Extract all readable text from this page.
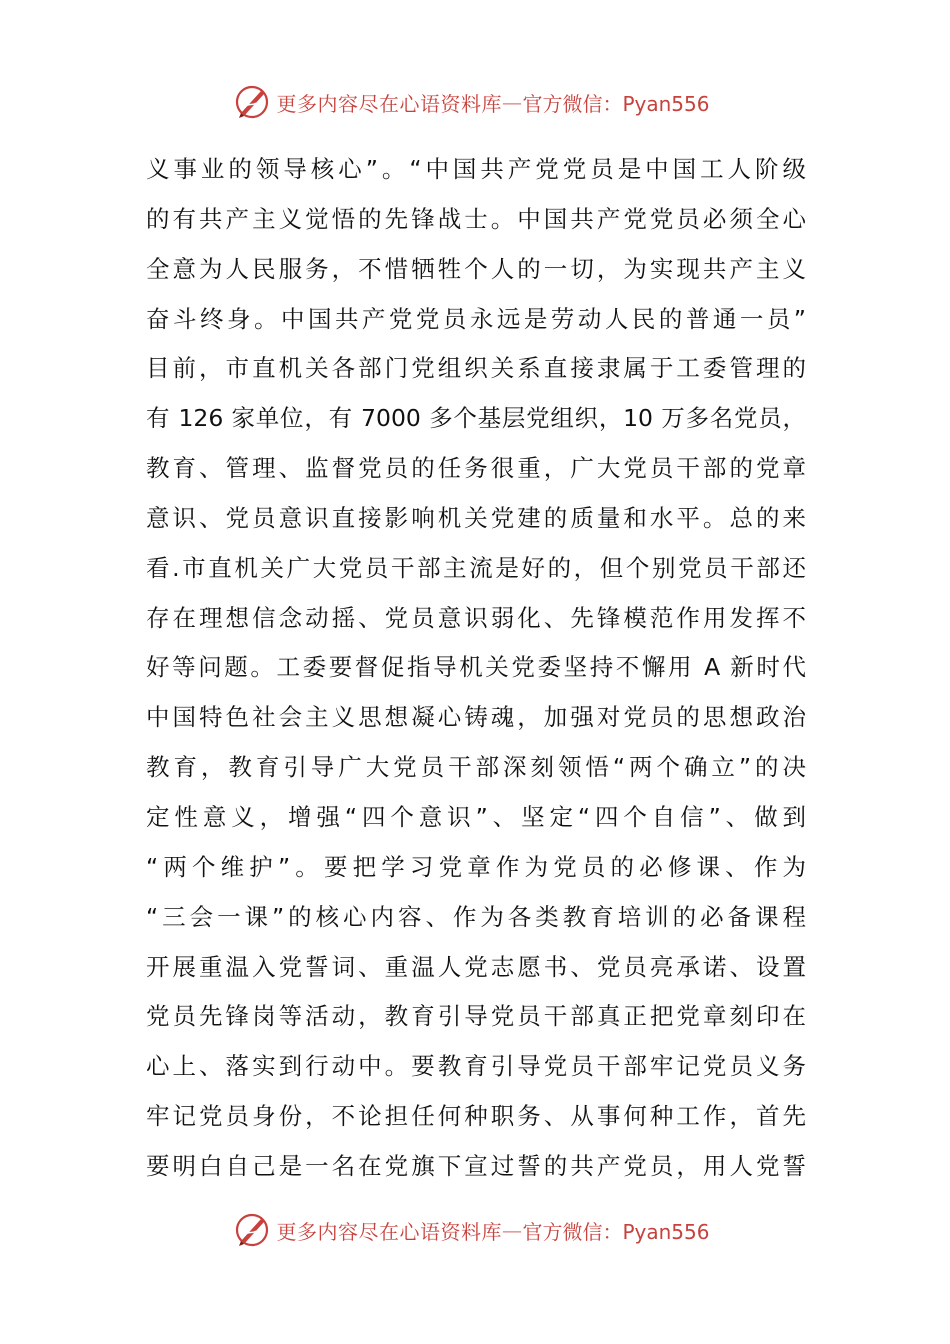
更多内容尽在心语资料库 — 官方微信：Pyan556
义事业的领导核心”。“中国共产党党员是中国工人阶级
的有共产主义觉悟的先锋战士。中国共产党党员必须全心
全意为人民服务，不惜牺牲个人的一切，为实现共产主义
奋斗终身。中国共产党党员永远是劳动人民的普通一员”
目前，市直机关各部门党组织关系直接隶属于工委管理的
有 126 家单位，有 7000 多个基层党组织，10 万多名党员，
教育、管理、监督党员的任务很重，广大党员干部的党章
意识、党员意识直接影响机关党建的质量和水平。总的来
看.市直机关广大党员干部主流是好的，但个别党员干部还
存在理想信念动摇、党员意识弱化、先锋模范作用发挥不
好等问题。工委要督促指导机关党委坚持不懈用 A 新时代
中国特色社会主义思想凝心铸魂，加强对党员的思想政治
教育，教育引导广大党员干部深刻领悟“两个确立”的决
定性意义，增强“四个意识”、坚定“四个自信”、做到
“两个维护”。要把学习党章作为党员的必修课、作为
“三会一课”的核心内容、作为各类教育培训的必备课程
开展重温入党誓词、重温人党志愿书、党员亮承诺、设置
党员先锋岗等活动，教育引导党员干部真正把党章刻印在
心上、落实到行动中。要教育引导党员干部牢记党员义务
牢记党员身份，不论担任何种职务、从事何种工作，首先
要明白自己是一名在党旗下宣过誓的共产党员，用人党誓
更多内容尽在心语资料库 — 官方微信：Pyan556
